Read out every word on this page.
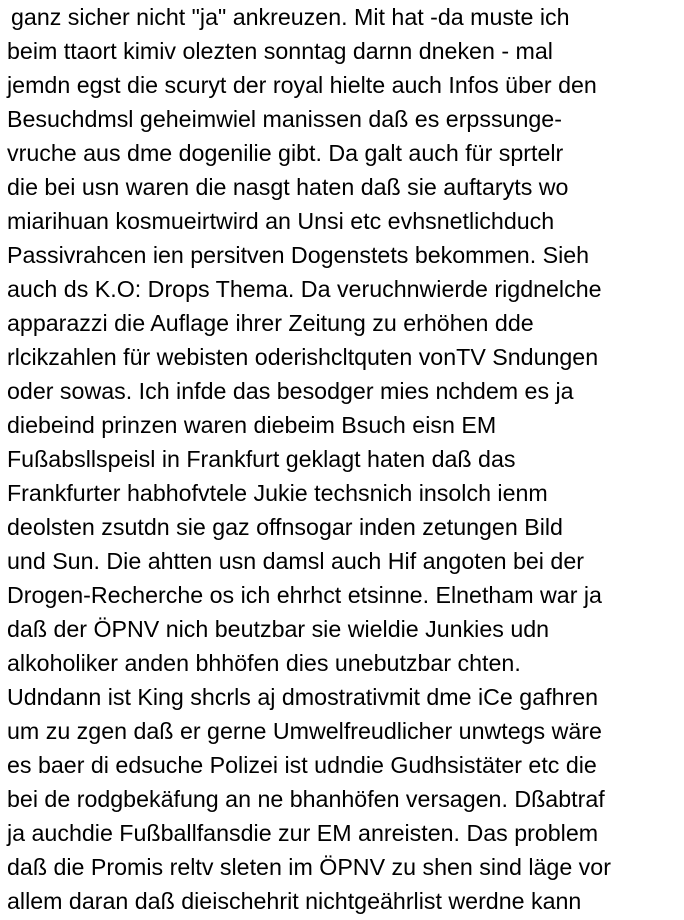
ganz sicher nicht "ja" ankreuzen. Mit hat -da muste ich
beim ttaort kimiv olezten sonntag darnn dneken - mal
jemdn egst die scuryt der royal hielte auch Infos über den
Besuchdmsl geheimwiel manissen daß es erpssunge-
vruche aus dme dogenilie gibt. Da galt auch für sprtelr
die bei usn waren die nasgt haten daß sie auftaryts wo
miarihuan kosmueirtwird an Unsi etc evhsnetlichduch
Passivrahcen ien persitven Dogenstets bekommen. Sieh
auch ds K.O: Drops Thema. Da veruchnwierde rigdnelche
apparazzi die Auflage ihrer Zeitung zu erhöhen dde
rlcikzahlen für webisten oderishcltquten vonTV Sndungen
oder sowas. Ich infde das besodger mies nchdem es ja
diebeind prinzen waren diebeim Bsuch eisn EM
Fußabsllspeisl in Frankfurt geklagt haten daß das
Frankfurter habhofvtele Jukie techsnich insolch ienm
deolsten zsutdn sie gaz offnsogar inden zetungen Bild
und Sun. Die ahtten usn damsl auch Hif angoten bei der
Drogen-Recherche os ich ehrhct etsinne. Elnetham war ja
daß der ÖPNV nich beutzbar sie wieldie Junkies udn
alkoholiker anden bhhöfen dies unebutzbar chten.
Udndann ist King shcrls aj dmostrativmit dme iCe gafhren
um zu zgen daß er gerne Umwelfreudlicher unwtegs wäre
es baer di edsuche Polizei ist udndie Gudhsistäter etc die
bei de rodgbekäfung an ne bhanhöfen versagen. Dßabtraf
ja auchdie Fußballfansdie zur EM anreisten. Das problem
daß die Promis reltv sleten im ÖPNV zu shen sind läge vor
allem daran daß dieischehrit nichtgeährlist werdne kann
